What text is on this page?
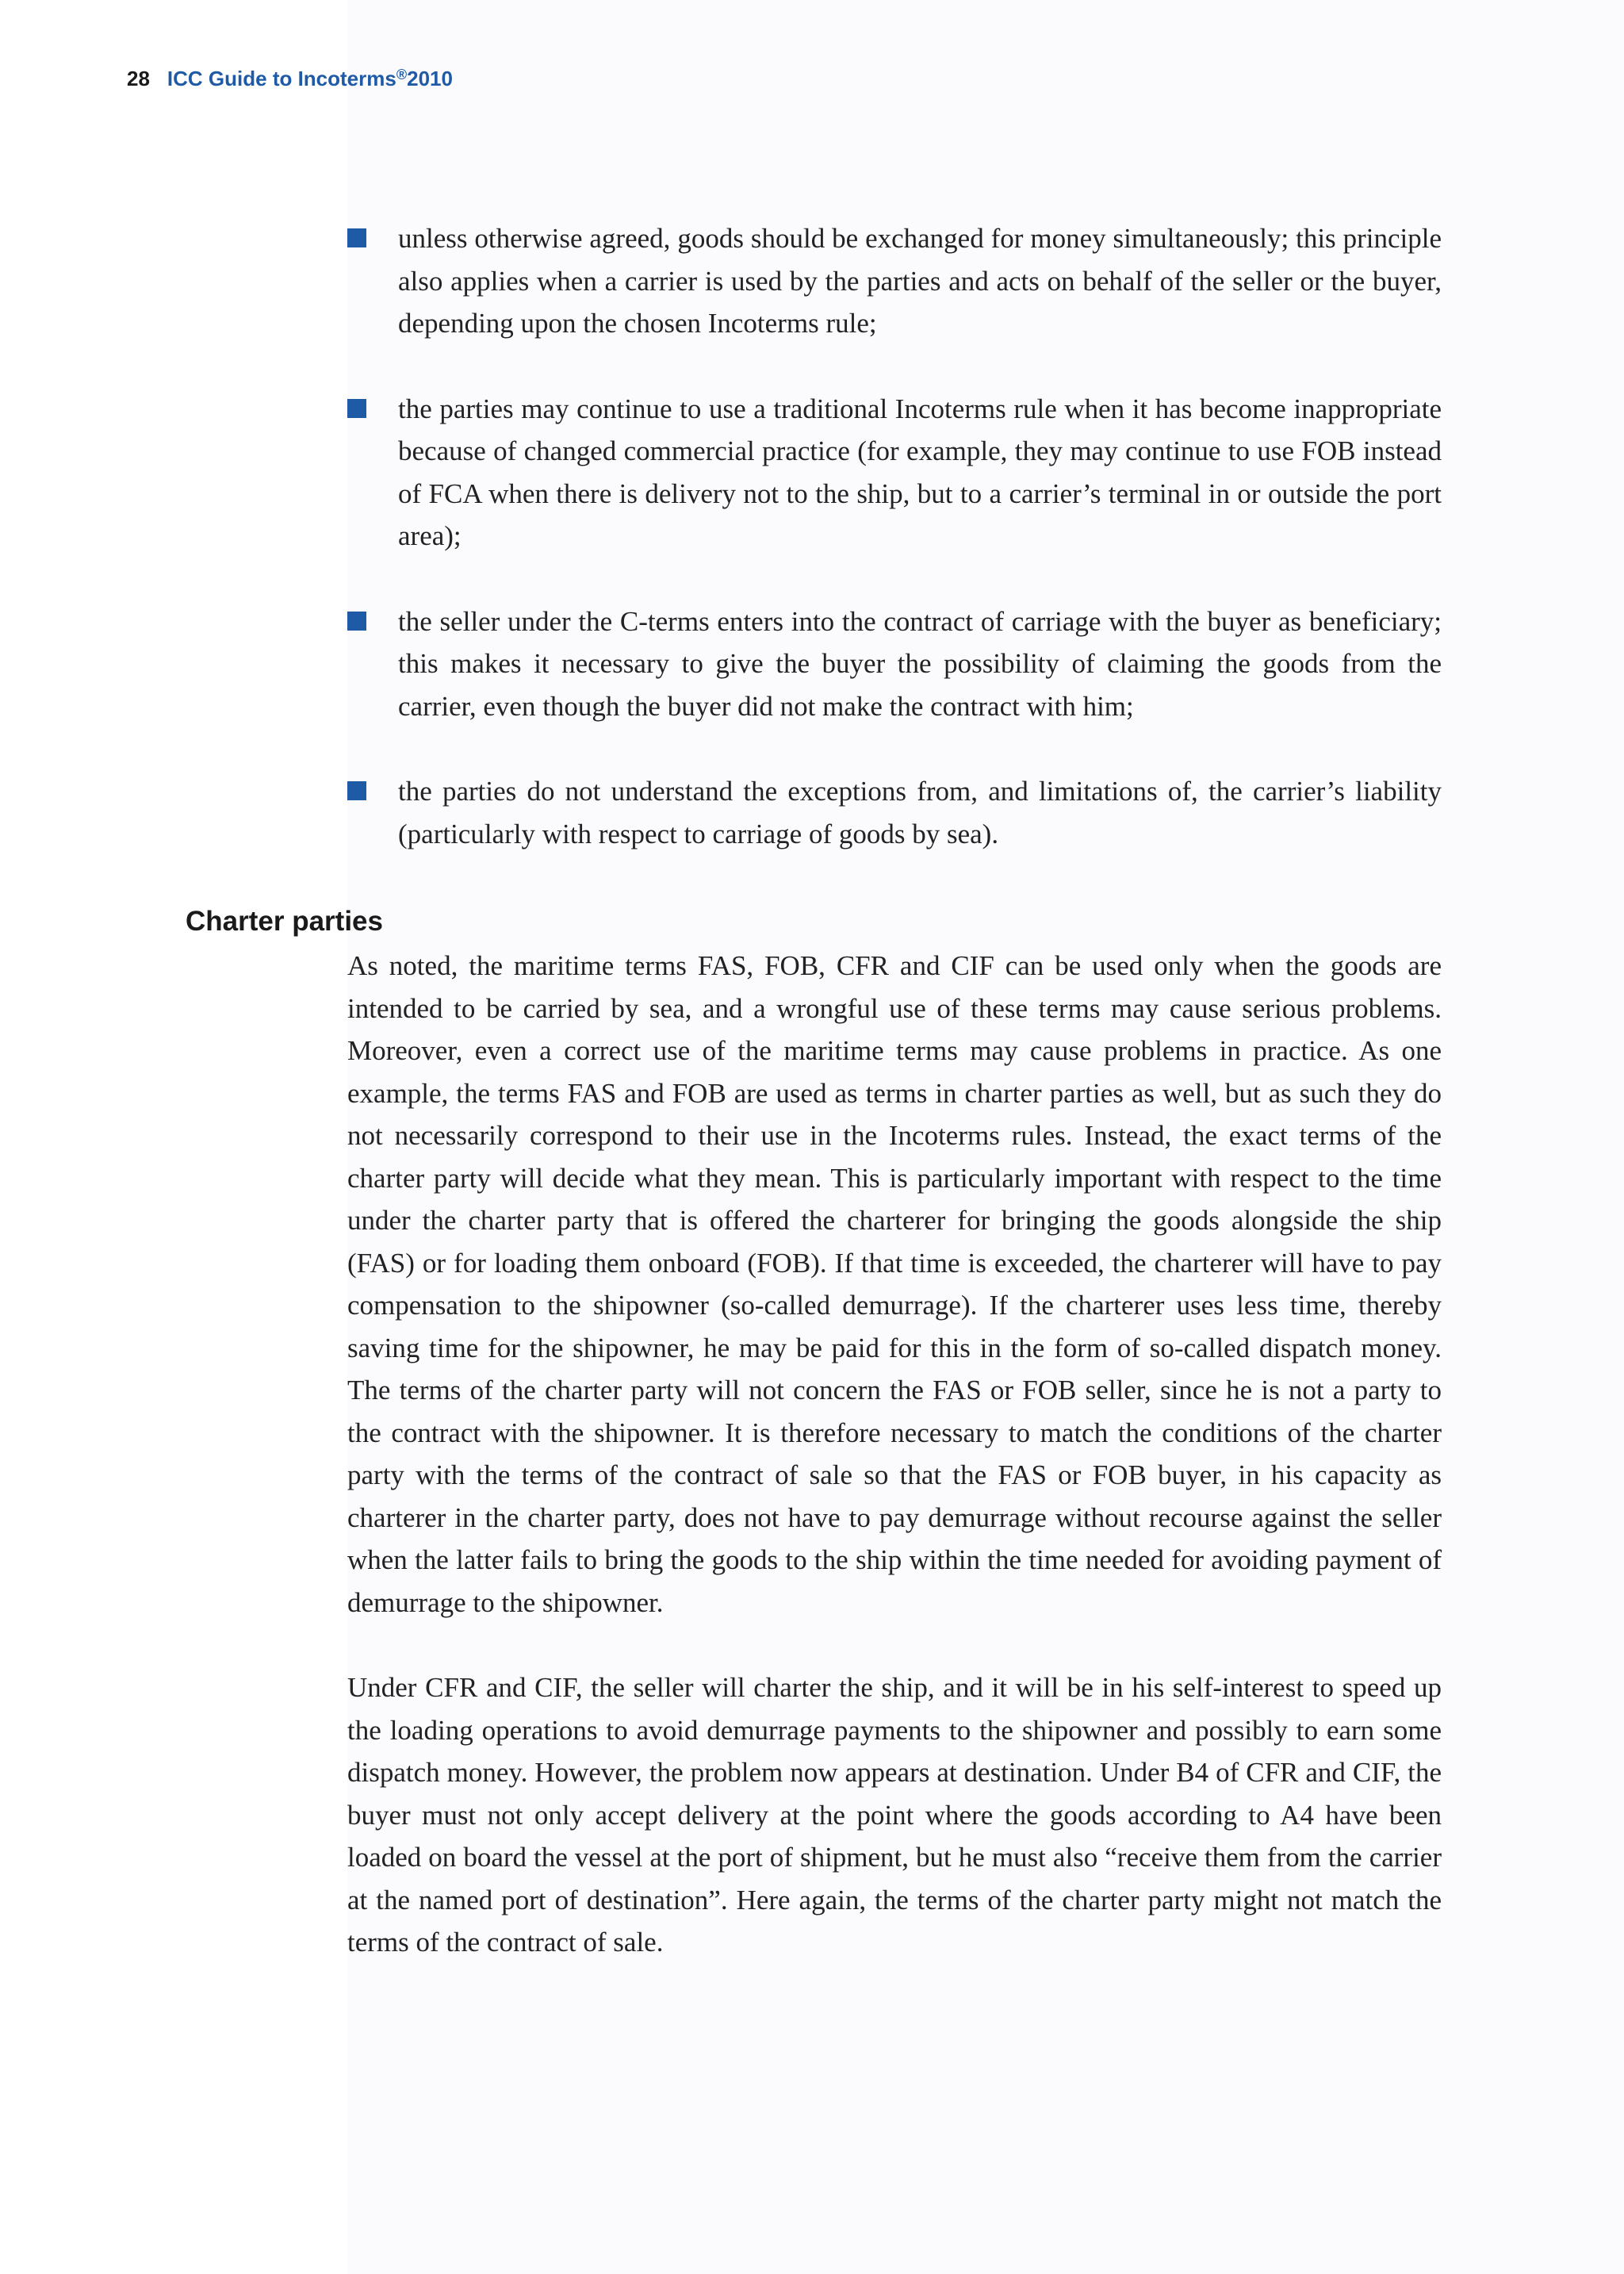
28 ICC Guide to Incoterms®2010
unless otherwise agreed, goods should be exchanged for money simultaneously; this principle also applies when a carrier is used by the parties and acts on behalf of the seller or the buyer, depending upon the chosen Incoterms rule;
the parties may continue to use a traditional Incoterms rule when it has become inappropriate because of changed commercial practice (for example, they may continue to use FOB instead of FCA when there is delivery not to the ship, but to a carrier’s terminal in or outside the port area);
the seller under the C-terms enters into the contract of carriage with the buyer as beneficiary; this makes it necessary to give the buyer the possibility of claiming the goods from the carrier, even though the buyer did not make the contract with him;
the parties do not understand the exceptions from, and limitations of, the carrier’s liability (particularly with respect to carriage of goods by sea).
Charter parties

As noted, the maritime terms FAS, FOB, CFR and CIF can be used only when the goods are intended to be carried by sea, and a wrongful use of these terms may cause serious problems. Moreover, even a correct use of the maritime terms may cause problems in practice. As one example, the terms FAS and FOB are used as terms in charter parties as well, but as such they do not necessarily correspond to their use in the Incoterms rules. Instead, the exact terms of the charter party will decide what they mean. This is particularly important with respect to the time under the charter party that is offered the charterer for bringing the goods alongside the ship (FAS) or for loading them onboard (FOB). If that time is exceeded, the charterer will have to pay compensation to the shipowner (so-called demurrage). If the charterer uses less time, thereby saving time for the shipowner, he may be paid for this in the form of so-called dispatch money. The terms of the charter party will not concern the FAS or FOB seller, since he is not a party to the contract with the shipowner. It is therefore necessary to match the conditions of the charter party with the terms of the contract of sale so that the FAS or FOB buyer, in his capacity as charterer in the charter party, does not have to pay demurrage without recourse against the seller when the latter fails to bring the goods to the ship within the time needed for avoiding payment of demurrage to the shipowner.

Under CFR and CIF, the seller will charter the ship, and it will be in his self-interest to speed up the loading operations to avoid demurrage payments to the shipowner and possibly to earn some dispatch money. However, the problem now appears at destination. Under B4 of CFR and CIF, the buyer must not only accept delivery at the point where the goods according to A4 have been loaded on board the vessel at the port of shipment, but he must also “receive them from the carrier at the named port of destination”. Here again, the terms of the charter party might not match the terms of the contract of sale.
